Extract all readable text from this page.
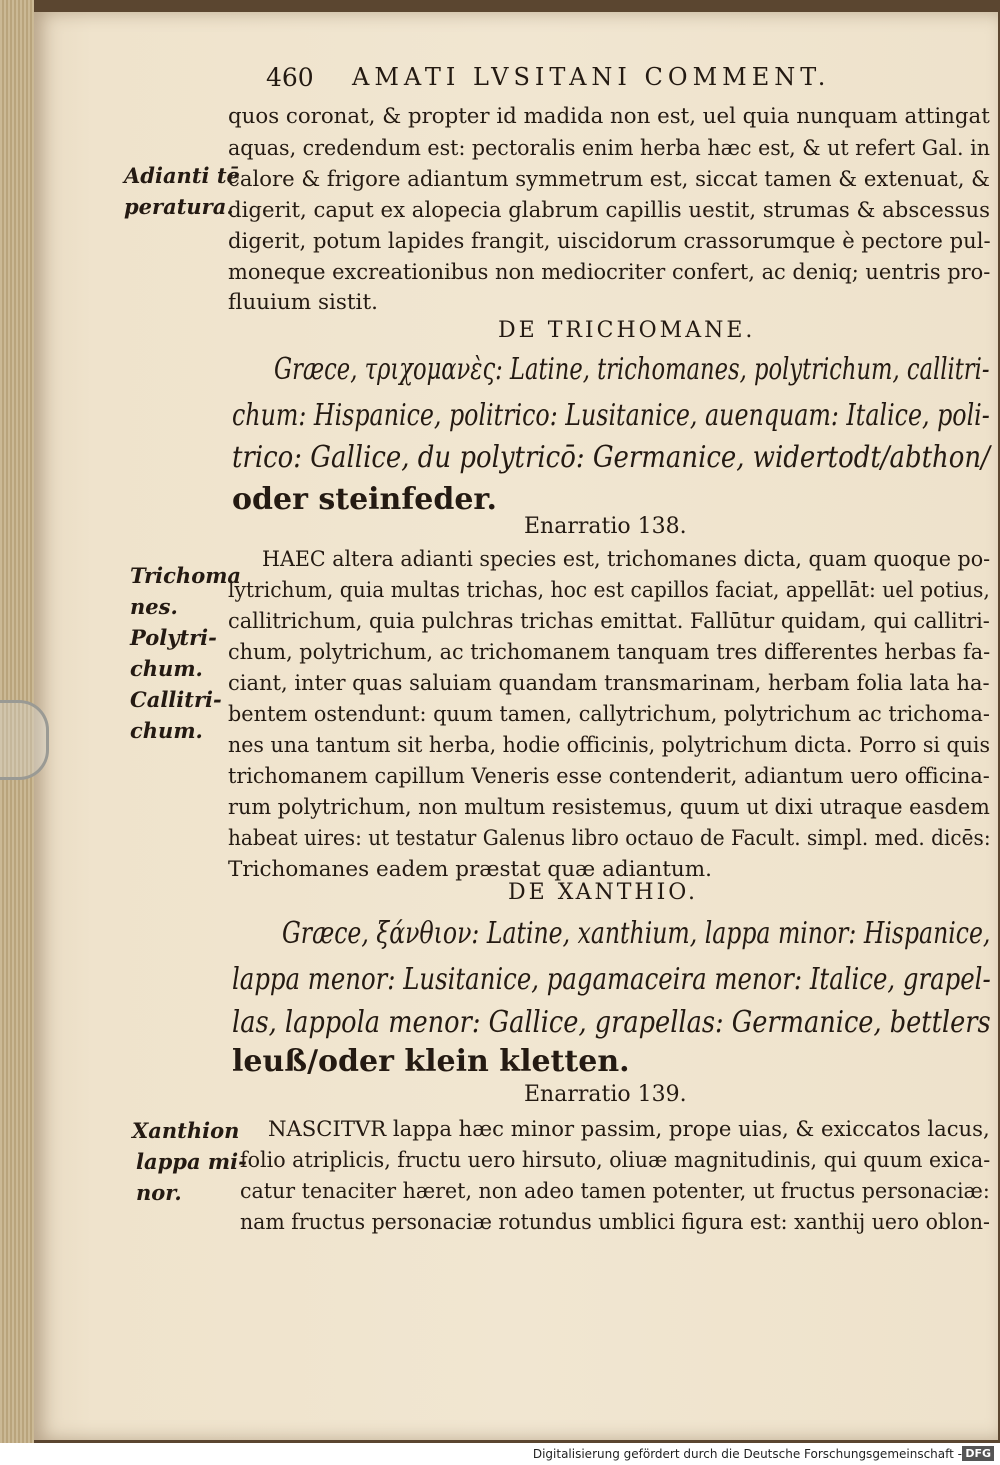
460 AMATI LVSITANI COMMENT.
quos coronat, & propter id madida non est, uel quia nunquam attingat
aquas, credendum est: pectoralis enim herba hæc est, & ut refert Gal. in
calore & frigore adiantum symmetrum est, siccat tamen & extenuat, &
digerit, caput ex alopecia glabrum capillis uestit, strumas & abscessus
digerit, potum lapides frangit, uiscidorum crassorumque è pectore pul-
moneque excreationibus non mediocriter confert, ac deniq; uentris pro-
fluuium sistit.
Adianti tē
peratura.
DE TRICHOMANE.
Græce, τριχομανὲς: Latine, trichomanes, polytrichum, callitri-
chum: Hispanice, politrico: Lusitanice, auenquam: Italice, poli-
trico: Gallice, du polytricō: Germanice, widertodt/abthon/
oder steinfeder.
Enarratio 138.
HAEC altera adianti species est, trichomanes dicta, quam quoque po-
lytrichum, quia multas trichas, hoc est capillos faciat, appellāt: uel potius,
callitrichum, quia pulchras trichas emittat. Fallūtur quidam, qui callitri-
chum, polytrichum, ac trichomanem tanquam tres differentes herbas fa-
ciant, inter quas saluiam quandam transmarinam, herbam folia lata ha-
bentem ostendunt: quum tamen, callytrichum, polytrichum ac trichoma-
nes una tantum sit herba, hodie officinis, polytrichum dicta. Porro si quis
trichomanem capillum Veneris esse contenderit, adiantum uero officina-
rum polytrichum, non multum resistemus, quum ut dixi utraque easdem
habeat uires: ut testatur Galenus libro octauo de Facult. simpl. med. dicēs:
Trichomanes eadem præstat quæ adiantum.
Trichoma
nes.
Polytri-
chum.
Callitri-
chum.
DE XANTHIO.
Græce, ξάνθιον: Latine, xanthium, lappa minor: Hispanice,
lappa menor: Lusitanice, pagamaceira menor: Italice, grapel-
las, lappola menor: Gallice, grapellas: Germanice, bettlers
leuß/oder klein kletten.
Enarratio 139.
NASCITVR lappa hæc minor passim, prope uias, & exiccatos lacus,
folio atriplicis, fructu uero hirsuto, oliuæ magnitudinis, qui quum exica-
catur tenaciter hæret, non adeo tamen potenter, ut fructus personaciæ:
nam fructus personaciæ rotundus umblici figura est: xanthij uero oblon-
Xanthion
lappa mi-
nor.
Digitalisierung gefördert durch die Deutsche Forschungsgemeinschaft - DFG
